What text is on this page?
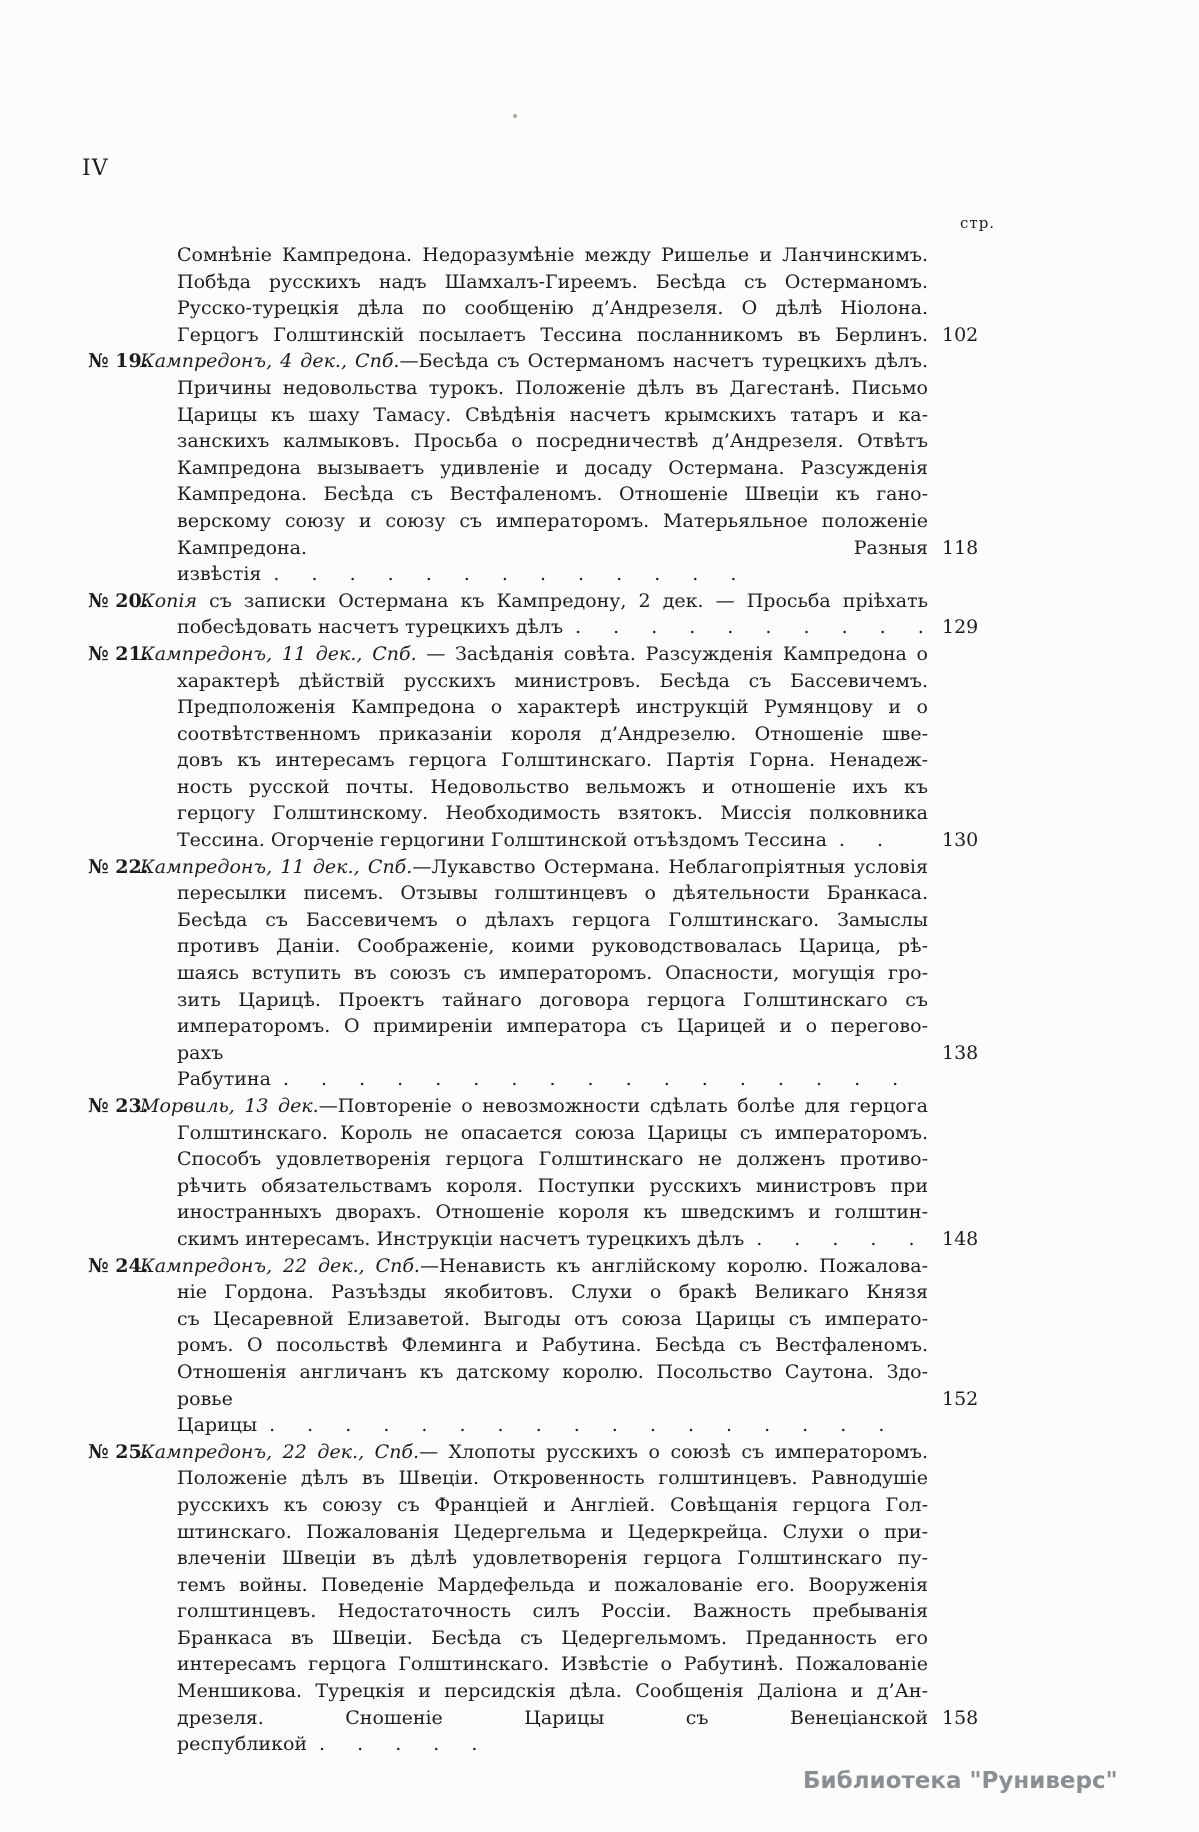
IV
стр.
Сомнѣніе Кампредона. Недоразумѣніе между Ришелье и Ланчинскимъ.
Побѣда русскихъ надъ Шамхалъ-Гиреемъ. Бесѣда съ Остерманомъ.
Русско-турецкія дѣла по сообщенію д’Андрезеля. О дѣлѣ Ніолона.
Герцогъ Голштинскій посылаетъ Тессина посланникомъ въ Берлинъ. 102
№ 19.
Кампредонъ, 4 дек., Спб.—Бесѣда съ Остерманомъ насчетъ турецкихъ дѣлъ.
Причины недовольства турокъ. Положеніе дѣлъ въ Дагестанѣ. Письмо
Царицы къ шаху Тамасу. Свѣдѣнія насчетъ крымскихъ татаръ и ка-
занскихъ калмыковъ. Просьба о посредничествѣ д’Андрезеля. Отвѣтъ
Кампредона вызываетъ удивленіе и досаду Остермана. Разсужденія
Кампредона. Бесѣда съ Вестфаленомъ. Отношеніе Швеціи къ гано-
верскому союзу и союзу съ императоромъ. Матерьяльное положеніе
Кампредона. Разныя извѣстія . . . . . . . . . . . . .
118
№ 20.
Копія съ записки Остермана къ Кампредону, 2 дек. — Просьба пріѣхать
побесѣдовать насчетъ турецкихъ дѣлъ . . . . . . . . . . 129
№ 21.
Кампредонъ, 11 дек., Спб. — Засѣданія совѣта. Разсужденія Кампредона о
характерѣ дѣйствій русскихъ министровъ. Бесѣда съ Бассевичемъ.
Предположенія Кампредона о характерѣ инструкцій Румянцову и о
соотвѣтственномъ приказаніи короля д’Андрезелю. Отношеніе шве-
довъ къ интересамъ герцога Голштинскаго. Партія Горна. Ненадеж-
ность русской почты. Недовольство вельможъ и отношеніе ихъ къ
герцогу Голштинскому. Необходимость взятокъ. Миссія полковника
Тессина. Огорченіе герцогини Голштинской отъѣздомъ Тессина . .	130
№ 22.
Кампредонъ, 11 дек., Спб.—Лукавство Остермана. Неблагопріятныя условія
пересылки писемъ. Отзывы голштинцевъ о дѣятельности Бранкаса.
Бесѣда съ Бассевичемъ о дѣлахъ герцога Голштинскаго. Замыслы
противъ Даніи. Соображеніе, коими руководствовалась Царица, рѣ-
шаясь вступить въ союзъ съ императоромъ. Опасности, могущія гро-
зить Царицѣ. Проектъ тайнаго договора герцога Голштинскаго съ
императоромъ. О примиреніи императора съ Царицей и о перегово-
рахъ Рабутина . . . . . . . . . . . . . . . . .
138
№ 23.
Морвиль, 13 дек.—Повтореніе о невозможности сдѣлать болѣе для герцога
Голштинскаго. Король не опасается союза Царицы съ императоромъ.
Способъ удовлетворенія герцога Голштинскаго не долженъ противо-
рѣчить обязательствамъ короля. Поступки русскихъ министровъ при
иностранныхъ дворахъ. Отношеніе короля къ шведскимъ и голштин-
скимъ интересамъ. Инструкціи насчетъ турецкихъ дѣлъ . . . . . 148
№ 24.
Кампредонъ, 22 дек., Спб.—Ненависть къ англійскому королю. Пожалова-
ніе Гордона. Разъѣзды якобитовъ. Слухи о бракѣ Великаго Князя
съ Цесаревной Елизаветой. Выгоды отъ союза Царицы съ императо-
ромъ. О посольствѣ Флеминга и Рабутина. Бесѣда съ Вестфаленомъ.
Отношенія англичанъ къ датскому королю. Посольство Саутона. Здо-
ровье Царицы . . . . . . . . . . . . . . . . .
152
№ 25.
Кампредонъ, 22 дек., Спб.— Хлопоты русскихъ о союзѣ съ императоромъ.
Положеніе дѣлъ въ Швеціи. Откровенность голштинцевъ. Равнодушіе
русскихъ къ союзу съ Франціей и Англіей. Совѣщанія герцога Гол-
штинскаго. Пожалованія Цедергельма и Цедеркрейца. Слухи о при-
влеченіи Швеціи въ дѣлѣ удовлетворенія герцога Голштинскаго пу-
темъ войны. Поведеніе Мардефельда и пожалованіе его. Вооруженія
голштинцевъ. Недостаточность силъ Россіи. Важность пребыванія
Бранкаса въ Швеціи. Бесѣда съ Цедергельмомъ. Преданность его
интересамъ герцога Голштинскаго. Извѣстіе о Рабутинѣ. Пожалованіе
Меншикова. Турецкія и персидскія дѣла. Сообщенія Даліона и д’Ан-
дрезеля. Сношеніе Царицы съ Венеціанской республикой . . . . .
158
Библиотека "Руниверс"
